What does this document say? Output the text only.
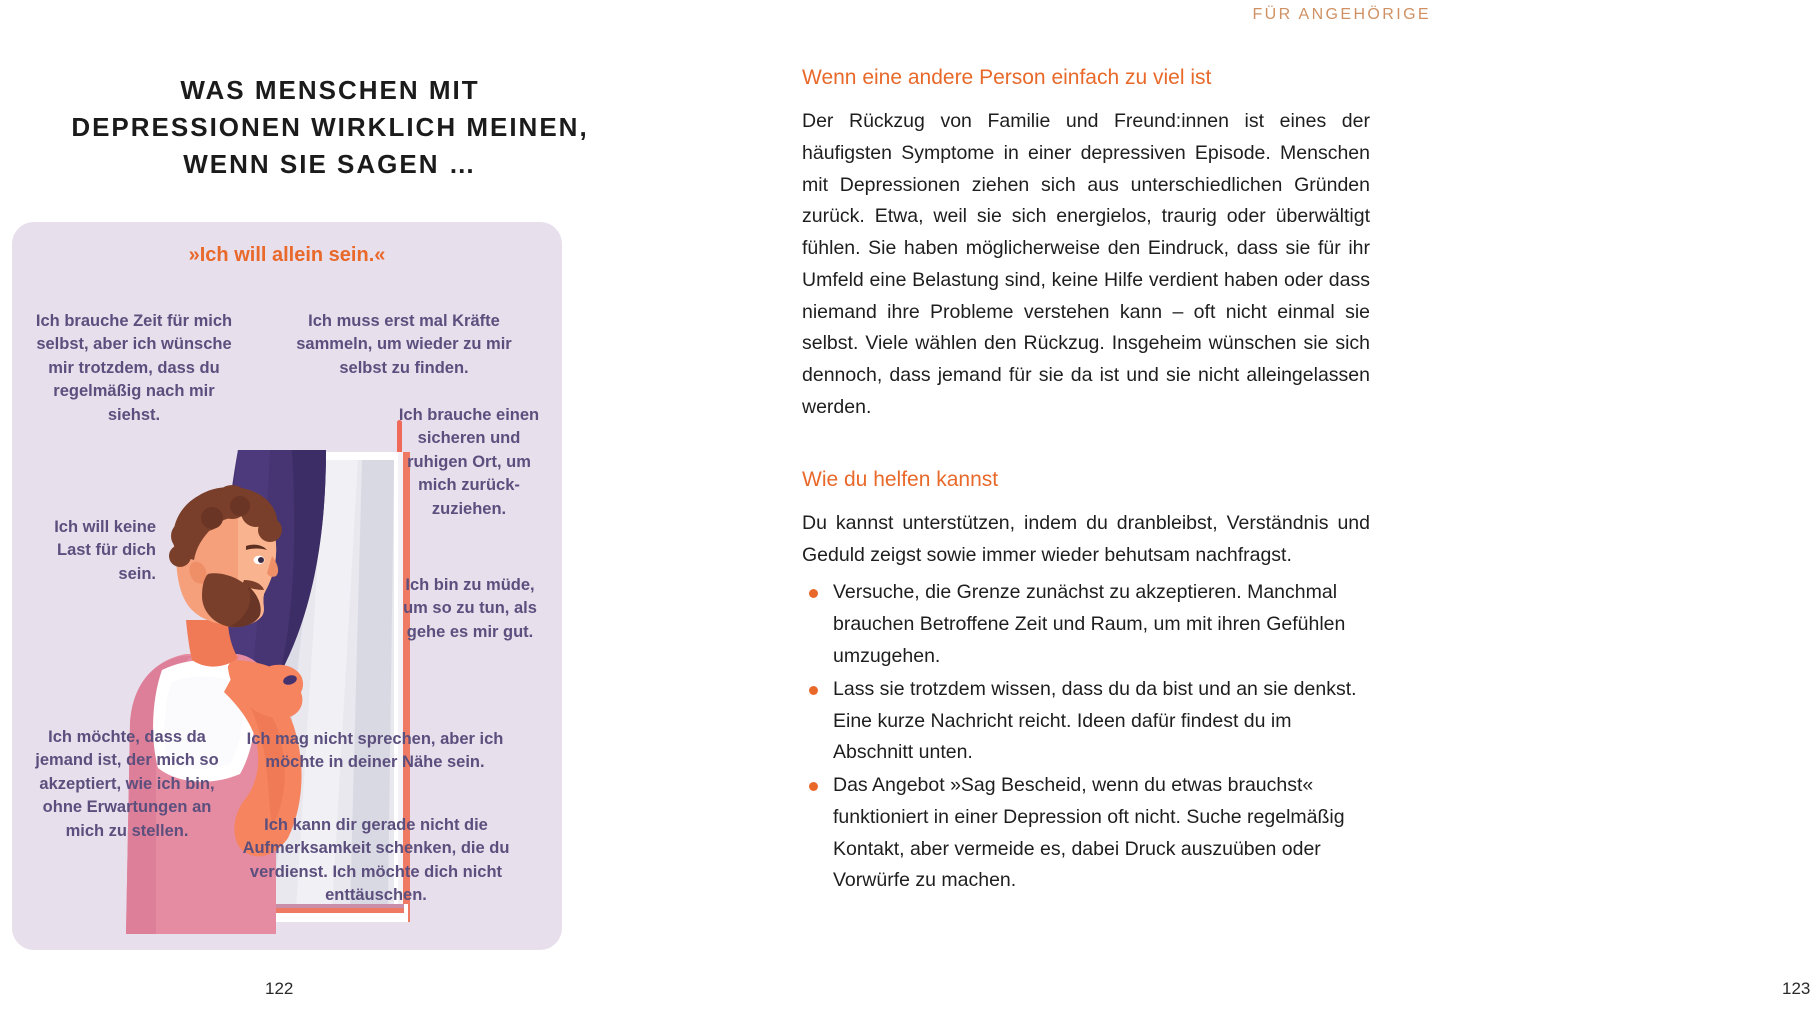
FÜR ANGEHÖRIGE
WAS MENSCHEN MIT
DEPRESSIONEN WIRKLICH MEINEN,
WENN SIE SAGEN …
»Ich will allein sein.«
Ich brauche Zeit für mich selbst, aber ich wünsche mir trotzdem, dass du regelmäßig nach mir siehst.
Ich muss erst mal Kräfte sammeln, um wieder zu mir selbst zu finden.
Ich brauche einen sicheren und ruhigen Ort, um mich zurückzuziehen.
Ich will keine Last für dich sein.
Ich bin zu müde, um so zu tun, als gehe es mir gut.
Ich möchte, dass da jemand ist, der mich so akzeptiert, wie ich bin, ohne Erwartungen an mich zu stellen.
Ich mag nicht sprechen, aber ich möchte in deiner Nähe sein.
Ich kann dir gerade nicht die Aufmerksamkeit schenken, die du verdienst. Ich möchte dich nicht enttäuschen.
122
Wenn eine andere Person einfach zu viel ist

Der Rückzug von Familie und Freund:innen ist eines der häufigsten Symptome in einer depressiven Episode. Menschen mit Depressionen ziehen sich aus unterschiedlichen Gründen zurück. Etwa, weil sie sich energielos, traurig oder überwältigt fühlen. Sie haben möglicherweise den Eindruck, dass sie für ihr Umfeld eine Belastung sind, keine Hilfe verdient haben oder dass niemand ihre Probleme verstehen kann – oft nicht einmal sie selbst. Viele wählen den Rückzug. Insgeheim wünschen sie sich dennoch, dass jemand für sie da ist und sie nicht alleingelassen werden.

Wie du helfen kannst

Du kannst unterstützen, indem du dranbleibst, Verständnis und Geduld zeigst sowie immer wieder behutsam nachfragst.

Versuche, die Grenze zunächst zu akzeptieren. Manchmal brauchen Betroffene Zeit und Raum, um mit ihren Gefühlen umzugehen.
Lass sie trotzdem wissen, dass du da bist und an sie denkst. Eine kurze Nachricht reicht. Ideen dafür findest du im Abschnitt unten.
Das Angebot »Sag Bescheid, wenn du etwas brauchst« funktioniert in einer Depression oft nicht. Suche regelmäßig Kontakt, aber vermeide es, dabei Druck auszuüben oder Vorwürfe zu machen.
123
